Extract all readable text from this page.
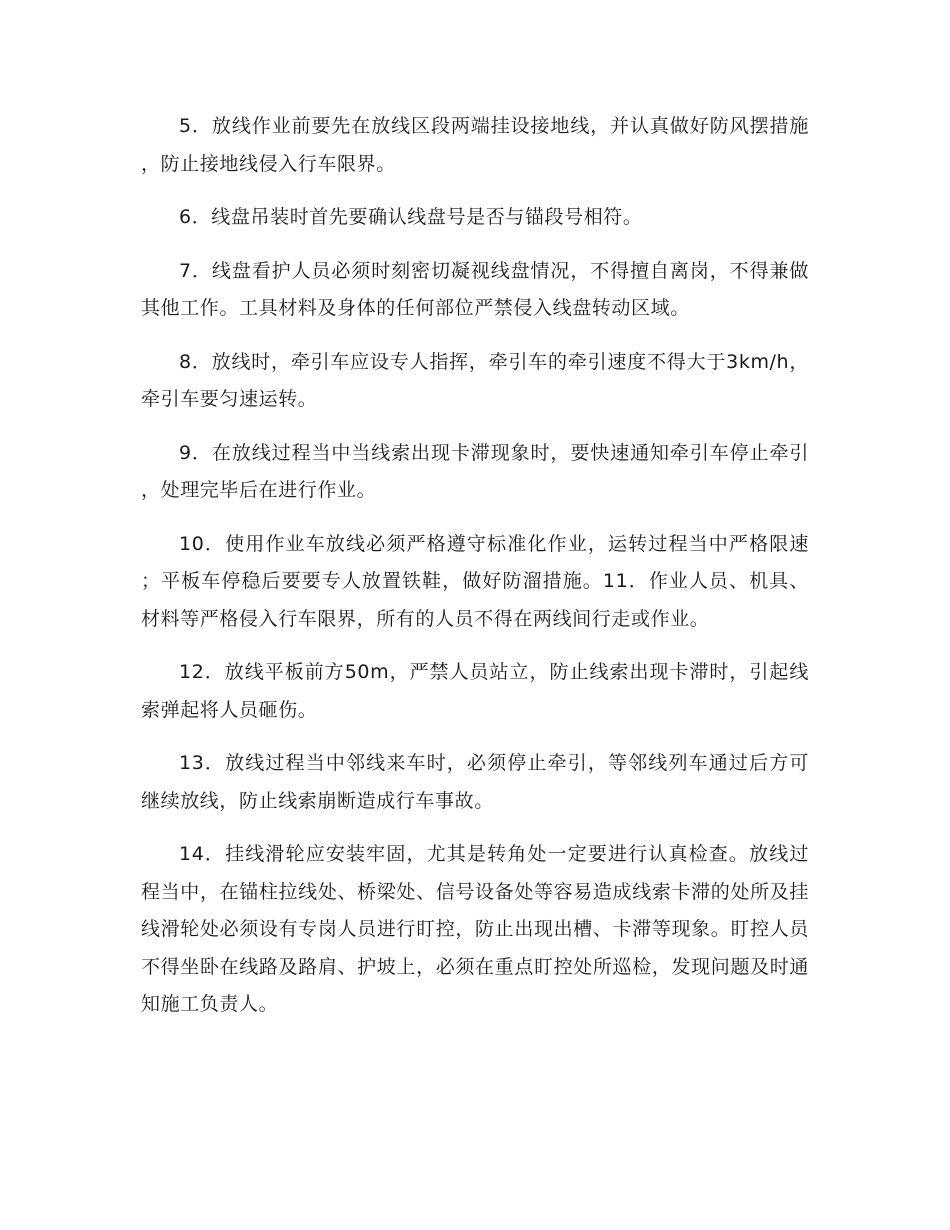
5．放线作业前要先在放线区段两端挂设接地线，并认真做好防风摆措施，防止接地线侵入行车限界。

6．线盘吊装时首先要确认线盘号是否与锚段号相符。

7．线盘看护人员必须时刻密切凝视线盘情况，不得擅自离岗，不得兼做其他工作。工具材料及身体的任何部位严禁侵入线盘转动区域。

8．放线时，牵引车应设专人指挥，牵引车的牵引速度不得大于3km/h，牵引车要匀速运转。

9．在放线过程当中当线索出现卡滞现象时，要快速通知牵引车停止牵引，处理完毕后在进行作业。

10．使用作业车放线必须严格遵守标准化作业，运转过程当中严格限速；平板车停稳后要要专人放置铁鞋，做好防溜措施。11．作业人员、机具、材料等严格侵入行车限界，所有的人员不得在两线间行走或作业。

12．放线平板前方50m，严禁人员站立，防止线索出现卡滞时，引起线索弹起将人员砸伤。

13．放线过程当中邻线来车时，必须停止牵引，等邻线列车通过后方可继续放线，防止线索崩断造成行车事故。

14．挂线滑轮应安装牢固，尤其是转角处一定要进行认真检查。放线过程当中，在锚柱拉线处、桥梁处、信号设备处等容易造成线索卡滞的处所及挂线滑轮处必须设有专岗人员进行盯控，防止出现出槽、卡滞等现象。盯控人员不得坐卧在线路及路肩、护坡上，必须在重点盯控处所巡检，发现问题及时通知施工负责人。
